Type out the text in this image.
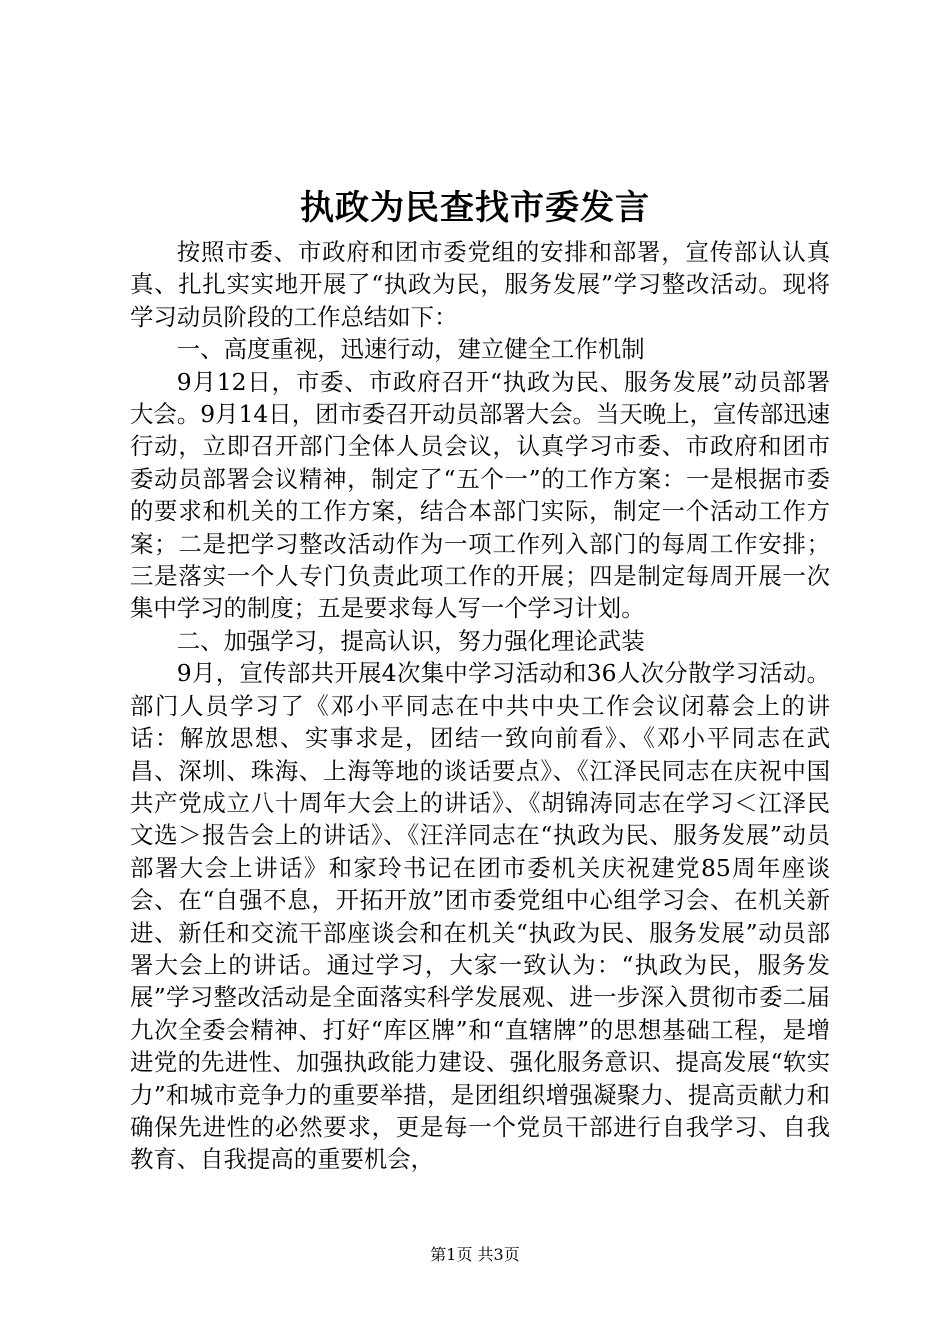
执政为民查找市委发言

按照市委、市政府和团市委党组的安排和部署，宣传部认认真真、扎扎实实地开展了“执政为民，服务发展”学习整改活动。现将学习动员阶段的工作总结如下：

一、高度重视，迅速行动，建立健全工作机制

9月12日，市委、市政府召开“执政为民、服务发展”动员部署大会。9月14日，团市委召开动员部署大会。当天晚上，宣传部迅速行动，立即召开部门全体人员会议，认真学习市委、市政府和团市委动员部署会议精神，制定了“五个一”的工作方案：一是根据市委的要求和机关的工作方案，结合本部门实际，制定一个活动工作方案；二是把学习整改活动作为一项工作列入部门的每周工作安排；三是落实一个人专门负责此项工作的开展；四是制定每周开展一次集中学习的制度；五是要求每人写一个学习计划。

二、加强学习，提高认识，努力强化理论武装

9月，宣传部共开展4次集中学习活动和36人次分散学习活动。部门人员学习了《邓小平同志在中共中央工作会议闭幕会上的讲话：解放思想、实事求是，团结一致向前看》、《邓小平同志在武昌、深圳、珠海、上海等地的谈话要点》、《江泽民同志在庆祝中国共产党成立八十周年大会上的讲话》、《胡锦涛同志在学习＜江泽民文选＞报告会上的讲话》、《汪洋同志在“执政为民、服务发展”动员部署大会上讲话》和家玲书记在团市委机关庆祝建党85周年座谈会、在“自强不息，开拓开放”团市委党组中心组学习会、在机关新进、新任和交流干部座谈会和在机关“执政为民、服务发展”动员部署大会上的讲话。通过学习，大家一致认为：“执政为民，服务发展”学习整改活动是全面落实科学发展观、进一步深入贯彻市委二届九次全委会精神、打好“库区牌”和“直辖牌”的思想基础工程，是增进党的先进性、加强执政能力建设、强化服务意识、提高发展“软实力”和城市竞争力的重要举措，是团组织增强凝聚力、提高贡献力和确保先进性的必然要求，更是每一个党员干部进行自我学习、自我教育、自我提高的重要机会，

第1页 共3页
